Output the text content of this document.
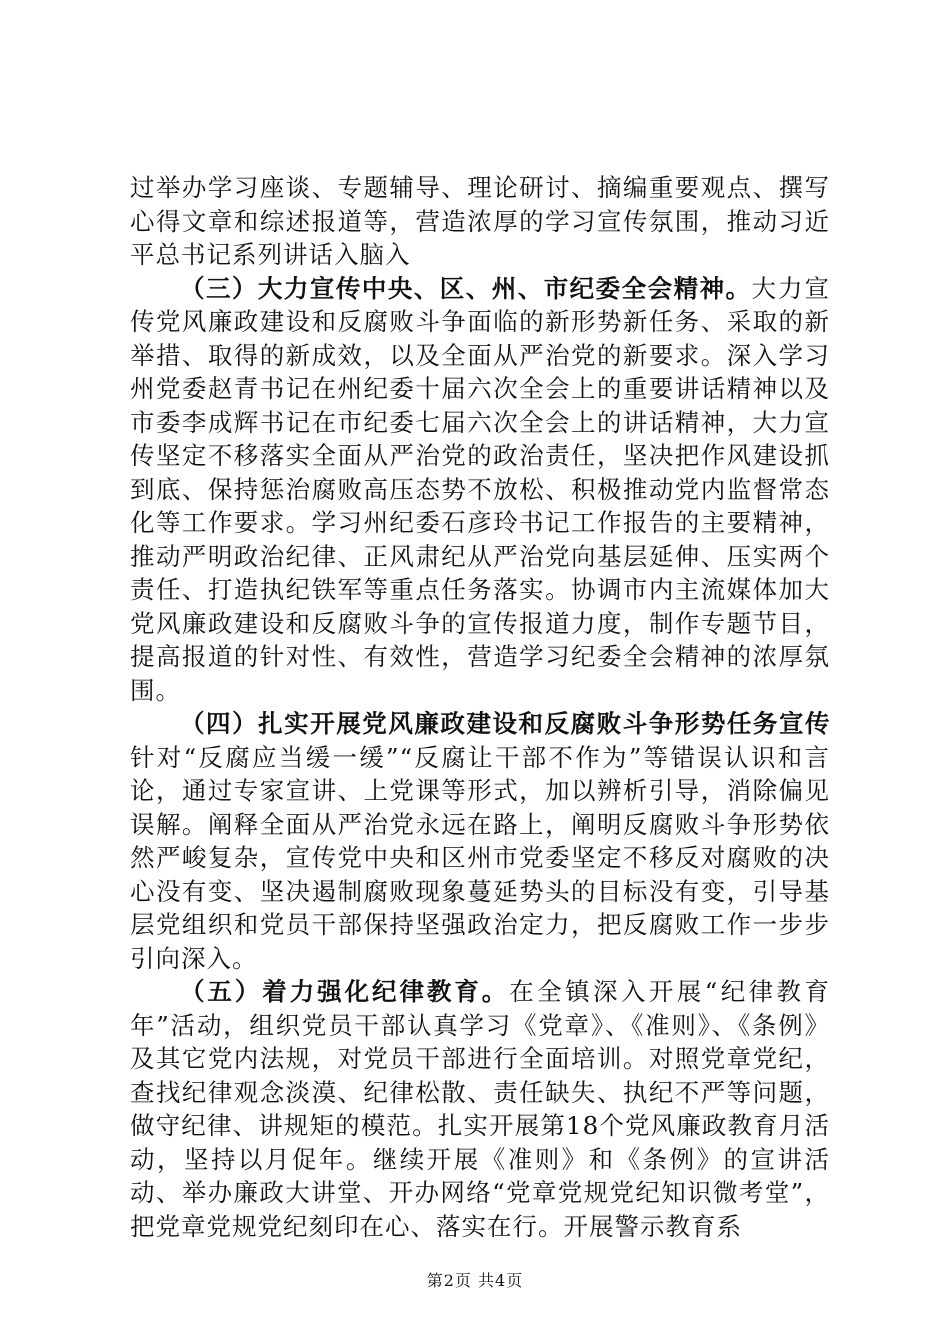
过举办学习座谈、专题辅导、理论研讨、摘编重要观点、撰写心得文章和综述报道等，营造浓厚的学习宣传氛围，推动习近平总书记系列讲话入脑入

（三）大力宣传中央、区、州、市纪委全会精神。大力宣传党风廉政建设和反腐败斗争面临的新形势新任务、采取的新举措、取得的新成效，以及全面从严治党的新要求。深入学习州党委赵青书记在州纪委十届六次全会上的重要讲话精神以及市委李成辉书记在市纪委七届六次全会上的讲话精神，大力宣传坚定不移落实全面从严治党的政治责任，坚决把作风建设抓到底、保持惩治腐败高压态势不放松、积极推动党内监督常态化等工作要求。学习州纪委石彦玲书记工作报告的主要精神，推动严明政治纪律、正风肃纪从严治党向基层延伸、压实两个责任、打造执纪铁军等重点任务落实。协调市内主流媒体加大党风廉政建设和反腐败斗争的宣传报道力度，制作专题节目，提高报道的针对性、有效性，营造学习纪委全会精神的浓厚氛围。

（四）扎实开展党风廉政建设和反腐败斗争形势任务宣传针对“反腐应当缓一缓”“反腐让干部不作为”等错误认识和言论，通过专家宣讲、上党课等形式，加以辨析引导，消除偏见误解。阐释全面从严治党永远在路上，阐明反腐败斗争形势依然严峻复杂，宣传党中央和区州市党委坚定不移反对腐败的决心没有变、坚决遏制腐败现象蔓延势头的目标没有变，引导基层党组织和党员干部保持坚强政治定力，把反腐败工作一步步引向深入。

（五）着力强化纪律教育。在全镇深入开展“纪律教育年”活动，组织党员干部认真学习《党章》、《准则》、《条例》及其它党内法规，对党员干部进行全面培训。对照党章党纪，查找纪律观念淡漠、纪律松散、责任缺失、执纪不严等问题，做守纪律、讲规矩的模范。扎实开展第18个党风廉政教育月活动，坚持以月促年。继续开展《准则》和《条例》的宣讲活动、举办廉政大讲堂、开办网络“党章党规党纪知识微考堂”，把党章党规党纪刻印在心、落实在行。开展警示教育系

第2页 共4页
